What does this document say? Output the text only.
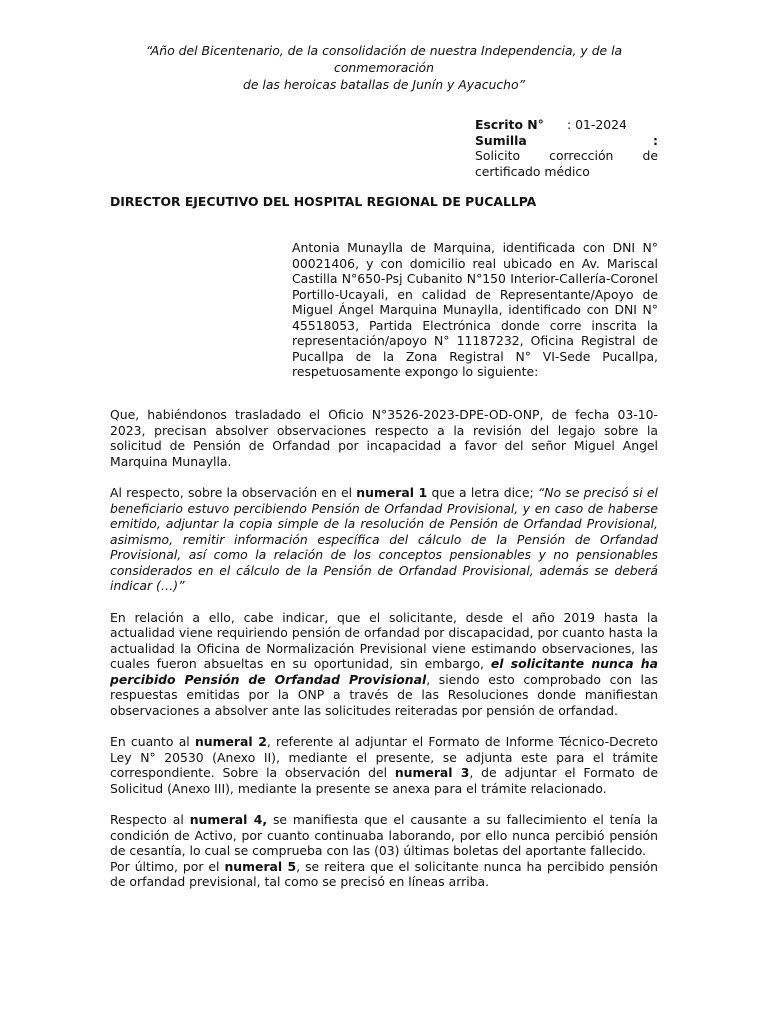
“Año del Bicentenario, de la consolidación de nuestra Independencia, y de la conmemoración
de las heroicas batallas de Junín y Ayacucho”
Escrito N°	: 01-2024
Sumilla	:
Solicito corrección de
certificado médico
DIRECTOR EJECUTIVO DEL HOSPITAL REGIONAL DE PUCALLPA
Antonia Munaylla de Marquina, identificada con DNI N° 00021406, y con domicilio real ubicado en Av. Mariscal Castilla N°650-Psj Cubanito N°150 Interior-Callería-Coronel Portillo-Ucayali, en calidad de Representante/Apoyo de Miguel Ángel Marquina Munaylla, identificado con DNI N° 45518053, Partida Electrónica donde corre inscrita la representación/apoyo N° 11187232, Oficina Registral de Pucallpa de la Zona Registral N° VI-Sede Pucallpa, respetuosamente expongo lo siguiente:

Que, habiéndonos trasladado el Oficio N°3526-2023-DPE-OD-ONP, de fecha 03-10-2023, precisan absolver observaciones respecto a la revisión del legajo sobre la solicitud de Pensión de Orfandad por incapacidad a favor del señor Miguel Angel Marquina Munaylla.

Al respecto, sobre la observación en el numeral 1 que a letra dice; “No se precisó si el beneficiario estuvo percibiendo Pensión de Orfandad Provisional, y en caso de haberse emitido, adjuntar la copia simple de la resolución de Pensión de Orfandad Provisional, asimismo, remitir información específica del cálculo de la Pensión de Orfandad Provisional, así como la relación de los conceptos pensionables y no pensionables considerados en el cálculo de la Pensión de Orfandad Provisional, además se deberá indicar (…)”

En relación a ello, cabe indicar, que el solicitante, desde el año 2019 hasta la actualidad viene requiriendo pensión de orfandad por discapacidad, por cuanto hasta la actualidad la Oficina de Normalización Previsional viene estimando observaciones, las cuales fueron absueltas en su oportunidad, sin embargo, el solicitante nunca ha percibido Pensión de Orfandad Provisional, siendo esto comprobado con las respuestas emitidas por la ONP a través de las Resoluciones donde manifiestan observaciones a absolver ante las solicitudes reiteradas por pensión de orfandad.

En cuanto al numeral 2, referente al adjuntar el Formato de Informe Técnico-Decreto Ley N° 20530 (Anexo II), mediante el presente, se adjunta este para el trámite correspondiente. Sobre la observación del numeral 3, de adjuntar el Formato de Solicitud (Anexo III), mediante la presente se anexa para el trámite relacionado.

Respecto al numeral 4, se manifiesta que el causante a su fallecimiento el tenía la condición de Activo, por cuanto continuaba laborando, por ello nunca percibió pensión de cesantía, lo cual se comprueba con las (03) últimas boletas del aportante fallecido.

Por último, por el numeral 5, se reitera que el solicitante nunca ha percibido pensión de orfandad previsional, tal como se precisó en líneas arriba.
